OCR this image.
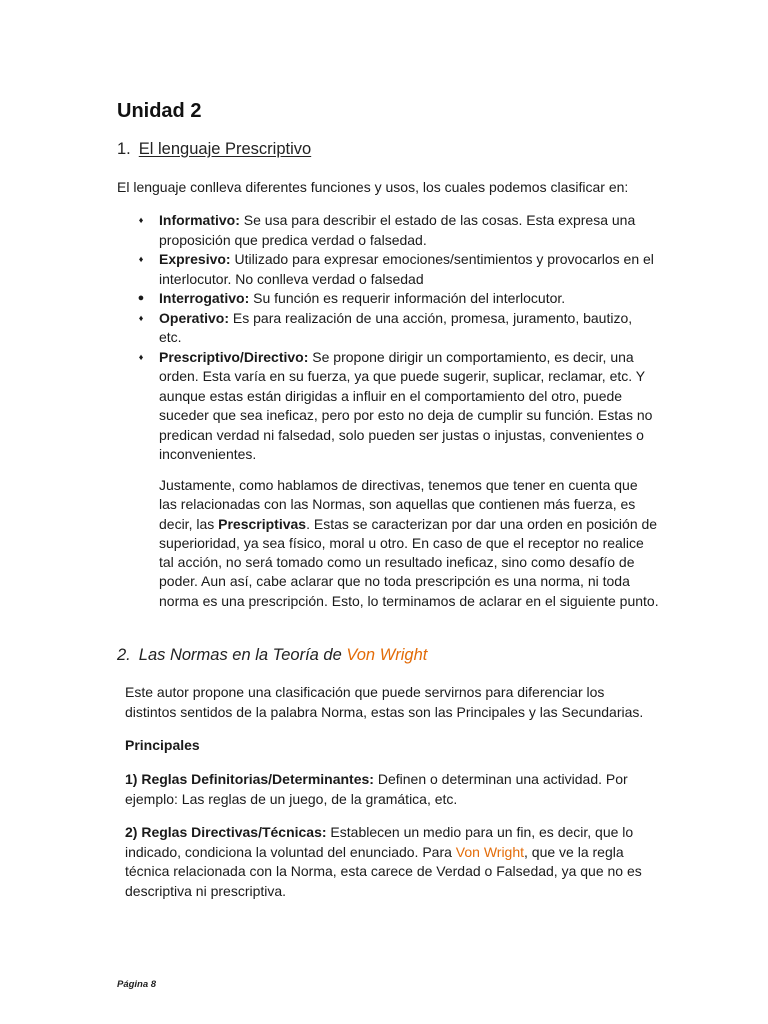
Unidad 2
1. El lenguaje Prescriptivo

El lenguaje conlleva diferentes funciones y usos, los cuales podemos clasificar en:

♦ Informativo: Se usa para describir el estado de las cosas. Esta expresa una proposición que predica verdad o falsedad.
♦ Expresivo: Utilizado para expresar emociones/sentimientos y provocarlos en el interlocutor. No conlleva verdad o falsedad
● Interrogativo: Su función es requerir información del interlocutor.
♦ Operativo: Es para realización de una acción, promesa, juramento, bautizo, etc.
♦ Prescriptivo/Directivo: Se propone dirigir un comportamiento, es decir, una orden. Esta varía en su fuerza, ya que puede sugerir, suplicar, reclamar, etc. Y aunque estas están dirigidas a influir en el comportamiento del otro, puede suceder que sea ineficaz, pero por esto no deja de cumplir su función. Estas no predican verdad ni falsedad, solo pueden ser justas o injustas, convenientes o inconvenientes.

Justamente, como hablamos de directivas, tenemos que tener en cuenta que las relacionadas con las Normas, son aquellas que contienen más fuerza, es decir, las Prescriptivas. Estas se caracterizan por dar una orden en posición de superioridad, ya sea físico, moral u otro. En caso de que el receptor no realice tal acción, no será tomado como un resultado ineficaz, sino como desafío de poder. Aun así, cabe aclarar que no toda prescripción es una norma, ni toda norma es una prescripción. Esto, lo terminamos de aclarar en el siguiente punto.

2. Las Normas en la Teoría de Von Wright

Este autor propone una clasificación que puede servirnos para diferenciar los distintos sentidos de la palabra Norma, estas son las Principales y las Secundarias.

Principales

1) Reglas Definitorias/Determinantes: Definen o determinan una actividad. Por ejemplo: Las reglas de un juego, de la gramática, etc.

2) Reglas Directivas/Técnicas: Establecen un medio para un fin, es decir, que lo indicado, condiciona la voluntad del enunciado. Para Von Wright, que ve la regla técnica relacionada con la Norma, esta carece de Verdad o Falsedad, ya que no es descriptiva ni prescriptiva.

Página 8
